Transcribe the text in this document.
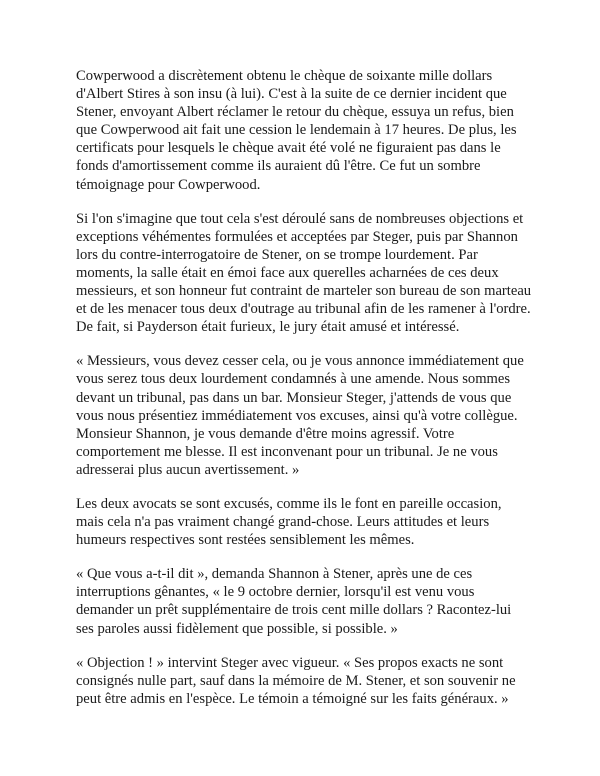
Cowperwood a discrètement obtenu le chèque de soixante mille dollars d'Albert Stires à son insu (à lui). C'est à la suite de ce dernier incident que Stener, envoyant Albert réclamer le retour du chèque, essuya un refus, bien que Cowperwood ait fait une cession le lendemain à 17 heures. De plus, les certificats pour lesquels le chèque avait été volé ne figuraient pas dans le fonds d'amortissement comme ils auraient dû l'être. Ce fut un sombre témoignage pour Cowperwood.

Si l'on s'imagine que tout cela s'est déroulé sans de nombreuses objections et exceptions véhémentes formulées et acceptées par Steger, puis par Shannon lors du contre-interrogatoire de Stener, on se trompe lourdement. Par moments, la salle était en émoi face aux querelles acharnées de ces deux messieurs, et son honneur fut contraint de marteler son bureau de son marteau et de les menacer tous deux d'outrage au tribunal afin de les ramener à l'ordre. De fait, si Payderson était furieux, le jury était amusé et intéressé.

« Messieurs, vous devez cesser cela, ou je vous annonce immédiatement que vous serez tous deux lourdement condamnés à une amende. Nous sommes devant un tribunal, pas dans un bar. Monsieur Steger, j'attends de vous que vous nous présentiez immédiatement vos excuses, ainsi qu'à votre collègue. Monsieur Shannon, je vous demande d'être moins agressif. Votre comportement me blesse. Il est inconvenant pour un tribunal. Je ne vous adresserai plus aucun avertissement. »

Les deux avocats se sont excusés, comme ils le font en pareille occasion, mais cela n'a pas vraiment changé grand-chose. Leurs attitudes et leurs humeurs respectives sont restées sensiblement les mêmes.

« Que vous a-t-il dit », demanda Shannon à Stener, après une de ces interruptions gênantes, « le 9 octobre dernier, lorsqu'il est venu vous demander un prêt supplémentaire de trois cent mille dollars ? Racontez-lui ses paroles aussi fidèlement que possible, si possible. »

« Objection ! » intervint Steger avec vigueur. « Ses propos exacts ne sont consignés nulle part, sauf dans la mémoire de M. Stener, et son souvenir ne peut être admis en l'espèce. Le témoin a témoigné sur les faits généraux. »
